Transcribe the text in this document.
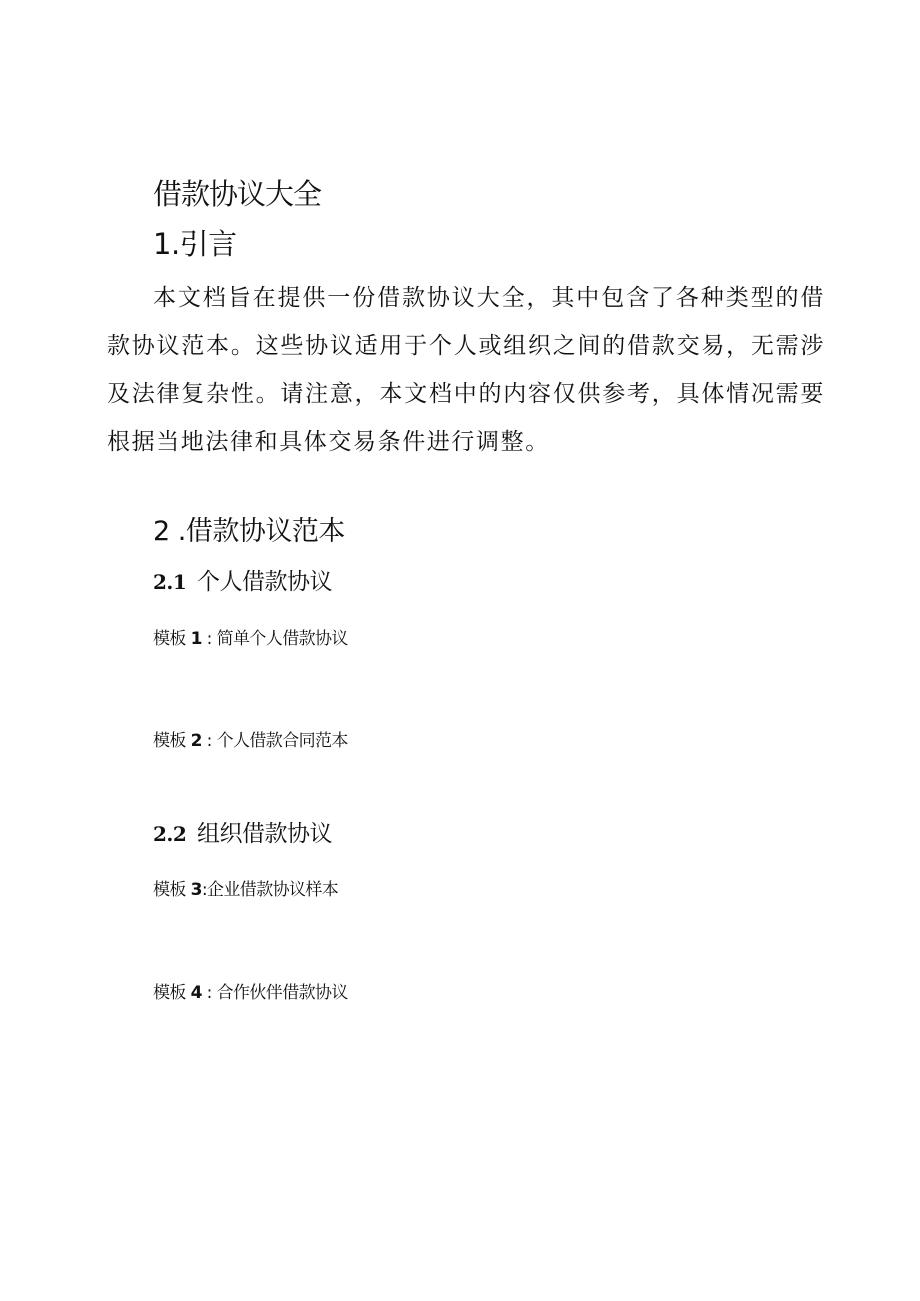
借款协议大全
1.引言

本文档旨在提供一份借款协议大全，其中包含了各种类型的借款协议范本。这些协议适用于个人或组织之间的借款交易，无需涉及法律复杂性。请注意，本文档中的内容仅供参考，具体情况需要根据当地法律和具体交易条件进行调整。

2 .借款协议范本
2.1 个人借款协议
模板 1 : 简单个人借款协议
模板 2 : 个人借款合同范本
2.2 组织借款协议
模板 3:企业借款协议样本
模板 4 : 合作伙伴借款协议
